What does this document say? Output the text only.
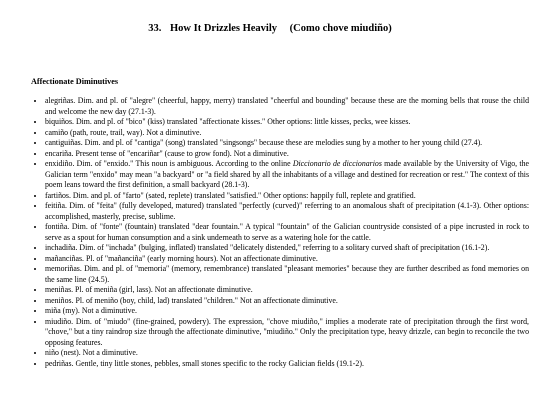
33. How It Drizzles Heavily (Como chove miudiño)
Affectionate Diminutives
• alegriñas. Dim. and pl. of "alegre" (cheerful, happy, merry) translated "cheerful and bounding" because these are the morning bells that rouse the child and welcome the new day (27.1-3).
• biquiños. Dim. and pl. of "bico" (kiss) translated "affectionate kisses." Other options: little kisses, pecks, wee kisses.
• camiño (path, route, trail, way). Not a diminutive.
• cantiguiñas. Dim. and pl. of "cantiga" (song) translated "singsongs" because these are melodies sung by a mother to her young child (27.4).
• encariña. Present tense of "encariñar" (cause to grow fond). Not a diminutive.
• enxidiño. Dim. of "enxido." This noun is ambiguous. According to the online Diccionario de diccionarios made available by the University of Vigo, the Galician term "enxido" may mean "a backyard" or "a field shared by all the inhabitants of a village and destined for recreation or rest." The context of this poem leans toward the first definition, a small backyard (28.1-3).
• fartiños. Dim. and pl. of "farto" (sated, replete) translated "satisfied." Other options: happily full, replete and gratified.
• feitiña. Dim. of "feita" (fully developed, matured) translated "perfectly (curved)" referring to an anomalous shaft of precipitation (4.1-3). Other options: accomplished, masterly, precise, sublime.
• fontiña. Dim. of "fonte" (fountain) translated "dear fountain." A typical "fountain" of the Galician countryside consisted of a pipe incrusted in rock to serve as a spout for human consumption and a sink underneath to serve as a watering hole for the cattle.
• inchadiña. Dim. of "inchada" (bulging, inflated) translated "delicately distended," referring to a solitary curved shaft of precipitation (16.1-2).
• mañanciñas. Pl. of "mañanciña" (early morning hours). Not an affectionate diminutive.
• memoriñas. Dim. and pl. of "memoria" (memory, remembrance) translated "pleasant memories" because they are further described as fond memories on the same line (24.5).
• meniñas. Pl. of meniña (girl, lass). Not an affectionate diminutive.
• meniños. Pl. of meniño (boy, child, lad) translated "children." Not an affectionate diminutive.
• miña (my). Not a diminutive.
• miudiño. Dim. of "miudo" (fine-grained, powdery). The expression, "chove miudiño," implies a moderate rate of precipitation through the first word, "chove," but a tiny raindrop size through the affectionate diminutive, "miudiño." Only the precipitation type, heavy drizzle, can begin to reconcile the two opposing features.
• niño (nest). Not a diminutive.
• pedriñas. Gentle, tiny little stones, pebbles, small stones specific to the rocky Galician fields (19.1-2).
